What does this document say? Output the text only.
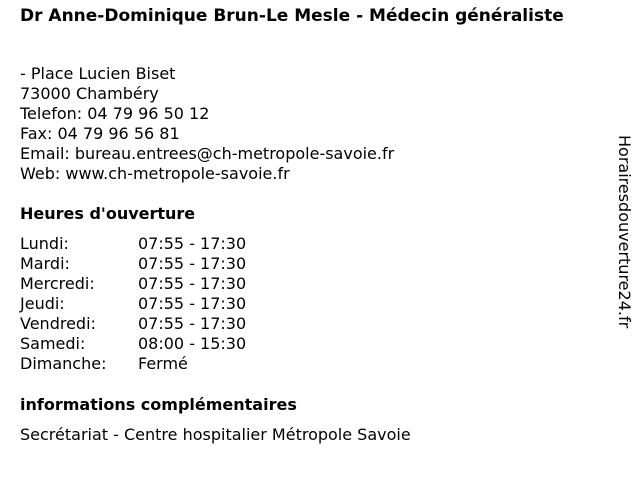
Dr Anne-Dominique Brun-Le Mesle - Médecin généraliste
- Place Lucien Biset
73000 Chambéry
Telefon: 04 79 96 50 12
Fax: 04 79 96 56 81
Email: bureau.entrees@ch-metropole-savoie.fr
Web: www.ch-metropole-savoie.fr
Heures d'ouverture
Lundi:	07:55 - 17:30
Mardi:	07:55 - 17:30
Mercredi:	07:55 - 17:30
Jeudi:	07:55 - 17:30
Vendredi:	07:55 - 17:30
Samedi:	08:00 - 15:30
Dimanche:	Fermé
informations complémentaires
Secrétariat - Centre hospitalier Métropole Savoie
Horairesdouverture24.fr
